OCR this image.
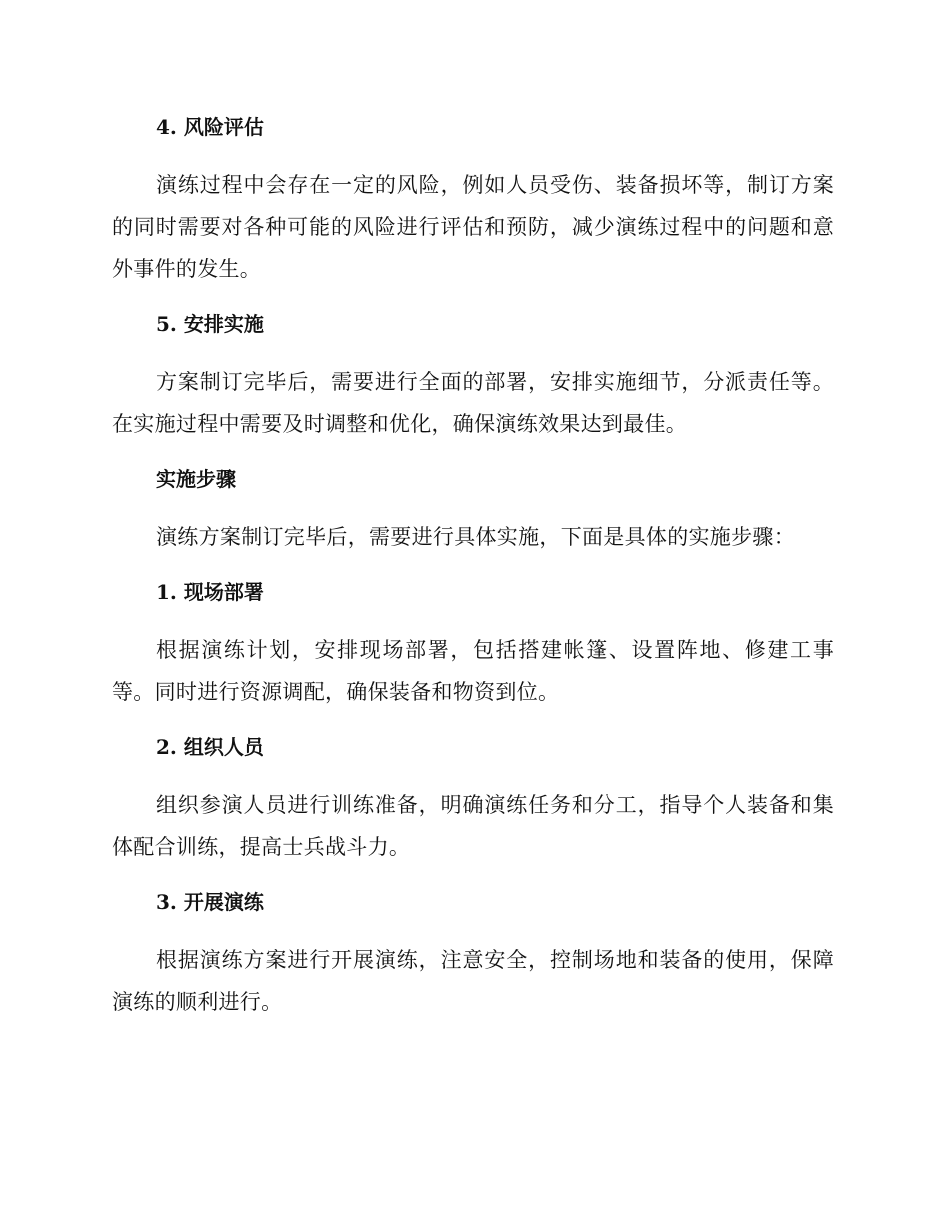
4. 风险评估

演练过程中会存在一定的风险，例如人员受伤、装备损坏等，制订方案的同时需要对各种可能的风险进行评估和预防，减少演练过程中的问题和意外事件的发生。

5. 安排实施

方案制订完毕后，需要进行全面的部署，安排实施细节，分派责任等。在实施过程中需要及时调整和优化，确保演练效果达到最佳。

实施步骤

演练方案制订完毕后，需要进行具体实施，下面是具体的实施步骤：

1. 现场部署

根据演练计划，安排现场部署，包括搭建帐篷、设置阵地、修建工事等。同时进行资源调配，确保装备和物资到位。

2. 组织人员

组织参演人员进行训练准备，明确演练任务和分工，指导个人装备和集体配合训练，提高士兵战斗力。

3. 开展演练

根据演练方案进行开展演练，注意安全，控制场地和装备的使用，保障演练的顺利进行。
